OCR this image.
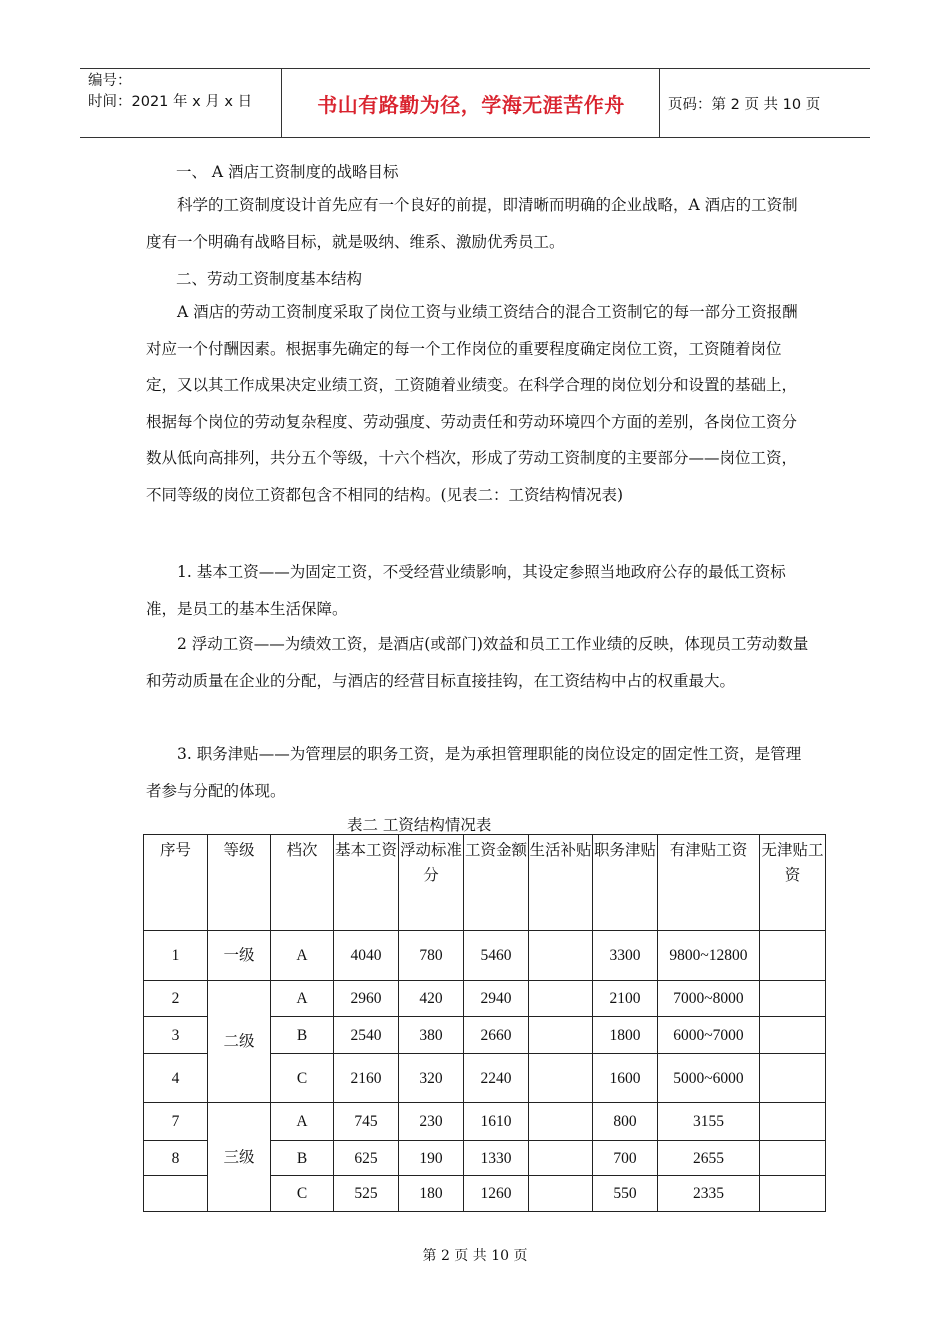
编号：
时间：2021 年 x 月 x 日	书山有路勤为径，学海无涯苦作舟	页码：第 2 页 共 10 页
一、 A 酒店工资制度的战略目标
科学的工资制度设计首先应有一个良好的前提，即清晰而明确的企业战略，A 酒店的工资制度有一个明确有战略目标，就是吸纳、维系、激励优秀员工。
二、劳动工资制度基本结构
A 酒店的劳动工资制度采取了岗位工资与业绩工资结合的混合工资制它的每一部分工资报酬对应一个付酬因素。根据事先确定的每一个工作岗位的重要程度确定岗位工资，工资随着岗位定，又以其工作成果决定业绩工资，工资随着业绩变。在科学合理的岗位划分和设置的基础上，根据每个岗位的劳动复杂程度、劳动强度、劳动责任和劳动环境四个方面的差别，各岗位工资分数从低向高排列，共分五个等级，十六个档次，形成了劳动工资制度的主要部分——岗位工资，不同等级的岗位工资都包含不相同的结构。(见表二：工资结构情况表)
1. 基本工资——为固定工资，不受经营业绩影响，其设定参照当地政府公存的最低工资标准，是员工的基本生活保障。
2 浮动工资——为绩效工资，是酒店(或部门)效益和员工工作业绩的反映，体现员工劳动数量和劳动质量在企业的分配，与酒店的经营目标直接挂钩，在工资结构中占的权重最大。
3. 职务津贴——为管理层的职务工资，是为承担管理职能的岗位设定的固定性工资，是管理者参与分配的体现。
表二 工资结构情况表
序号	等级	档次	基本工资	浮动标准分	工资金额	生活补贴	职务津贴	有津贴工资	无津贴工资
1	一级	A	4040	780	5460		3300	9800~12800	
2	二级	A	2960	420	2940		2100	7000~8000	
3		B	2540	380	2660		1800	6000~7000	
4		C	2160	320	2240		1600	5000~6000	
7	三级	A	745	230	1610		800	3155	
8		B	625	190	1330		700	2655	
		C	525	180	1260		550	2335	
第 2 页 共 10 页
